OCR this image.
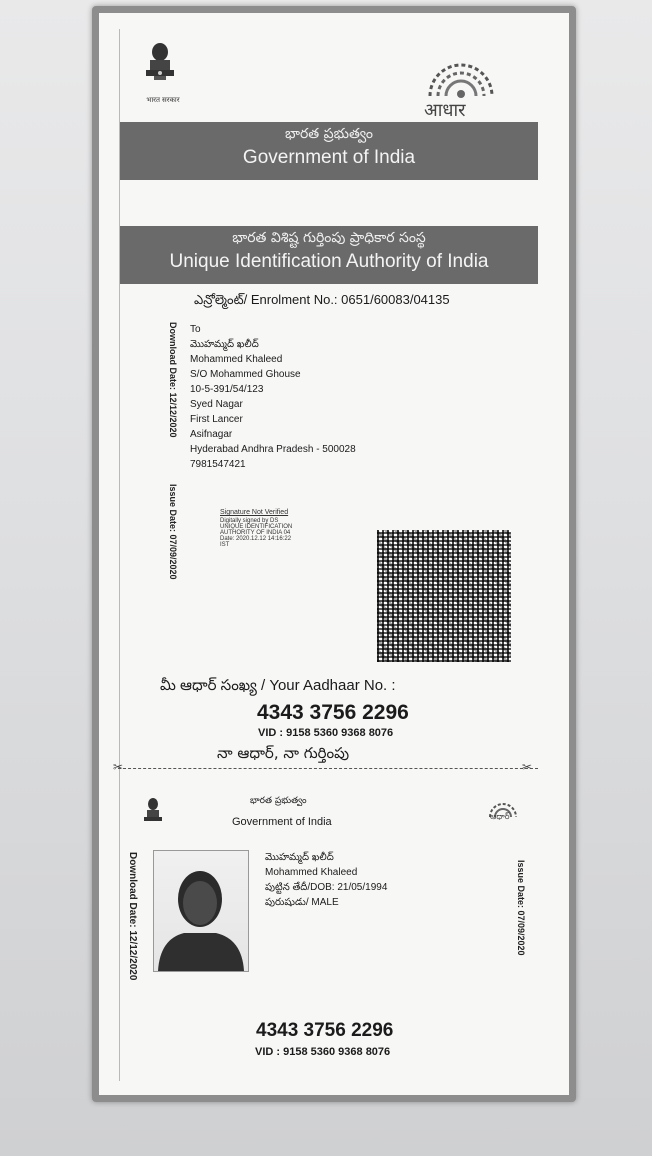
भारत सरकार	आधार
భారత ప్రభుత్వం
Government of India
భారత విశిష్ట గుర్తింపు ప్రాధికార సంస్థ
Unique Identification Authority of India
ఎన్రోల్మెంట్/ Enrolment No.: 0651/60083/04135
To
మొహమ్మద్ ఖలీద్
Mohammed Khaleed
S/O Mohammed Ghouse
10-5-391/54/123
Syed Nagar
First Lancer
Asifnagar
Hyderabad Andhra Pradesh - 500028
7981547421
Download Date: 12/12/2020
Issue Date: 07/09/2020	Signature Not Verified
Digitally signed by DS
UNIQUE IDENTIFICATION
AUTHORITY OF INDIA 04
Date: 2020.12.12 14:16:22
IST
మీ ఆధార్ సంఖ్య / Your Aadhaar No. :
4343 3756 2296
VID : 9158 5360 9368 8076
నా ఆధార్, నా గుర్తింపు
✂	✂
భారత ప్రభుత్వం
Government of India	ఆధార్
Download Date: 12/12/2020	Issue Date: 07/09/2020
మొహమ్మద్ ఖలీద్
Mohammed Khaleed
పుట్టిన తేదీ/DOB: 21/05/1994
పురుషుడు/ MALE
4343 3756 2296
VID : 9158 5360 9368 8076
